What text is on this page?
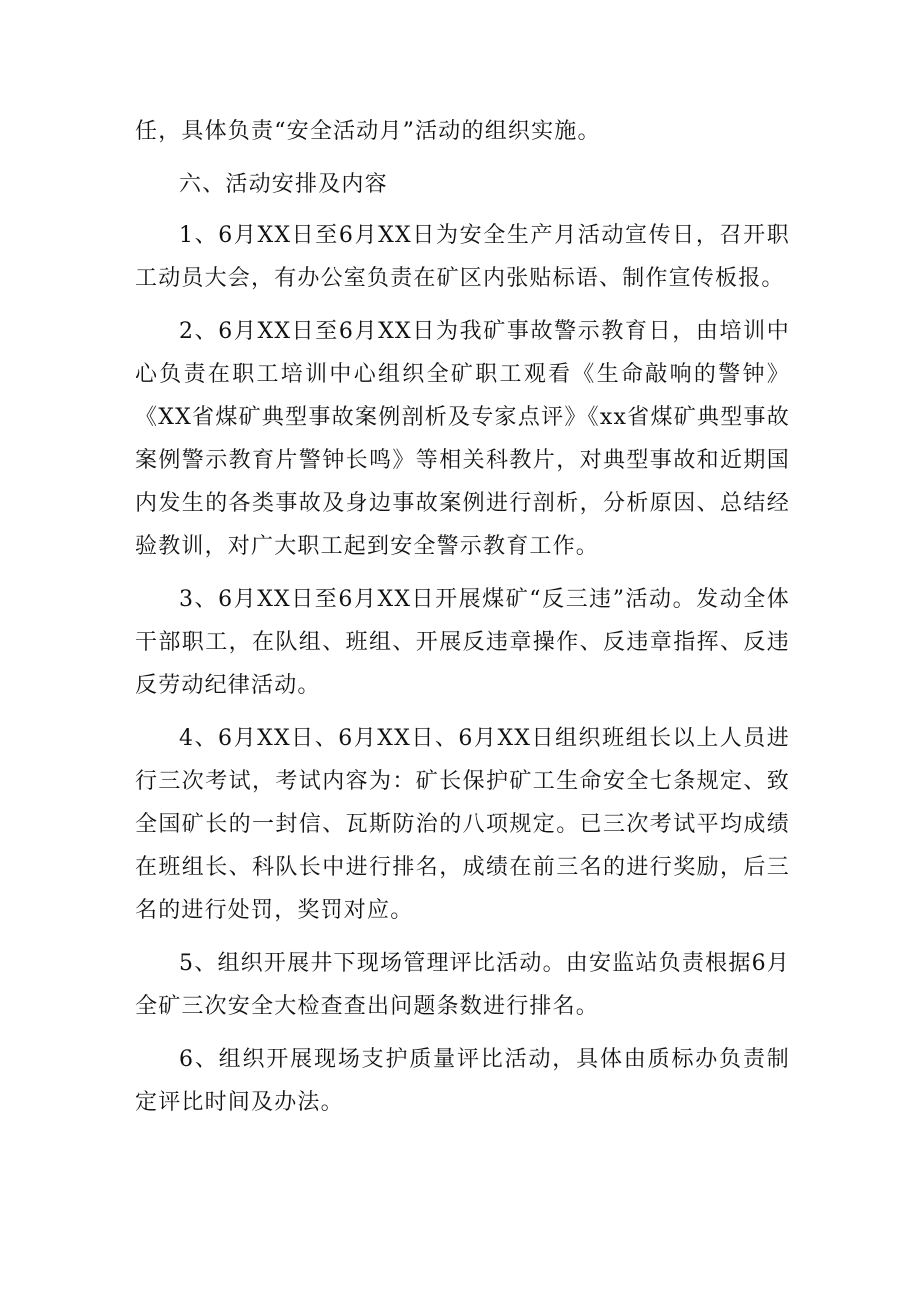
任，具体负责“安全活动月”活动的组织实施。

六、活动安排及内容

1、6月XX日至6月XX日为安全生产月活动宣传日，召开职工动员大会，有办公室负责在矿区内张贴标语、制作宣传板报。

2、6月XX日至6月XX日为我矿事故警示教育日，由培训中心负责在职工培训中心组织全矿职工观看《生命敲响的警钟》《XX省煤矿典型事故案例剖析及专家点评》《xx省煤矿典型事故案例警示教育片警钟长鸣》等相关科教片，对典型事故和近期国内发生的各类事故及身边事故案例进行剖析，分析原因、总结经验教训，对广大职工起到安全警示教育工作。

3、6月XX日至6月XX日开展煤矿“反三违”活动。发动全体干部职工，在队组、班组、开展反违章操作、反违章指挥、反违反劳动纪律活动。

4、6月XX日、6月XX日、6月XX日组织班组长以上人员进行三次考试，考试内容为：矿长保护矿工生命安全七条规定、致全国矿长的一封信、瓦斯防治的八项规定。已三次考试平均成绩在班组长、科队长中进行排名，成绩在前三名的进行奖励，后三名的进行处罚，奖罚对应。

5、组织开展井下现场管理评比活动。由安监站负责根据6月全矿三次安全大检查查出问题条数进行排名。

6、组织开展现场支护质量评比活动，具体由质标办负责制定评比时间及办法。
